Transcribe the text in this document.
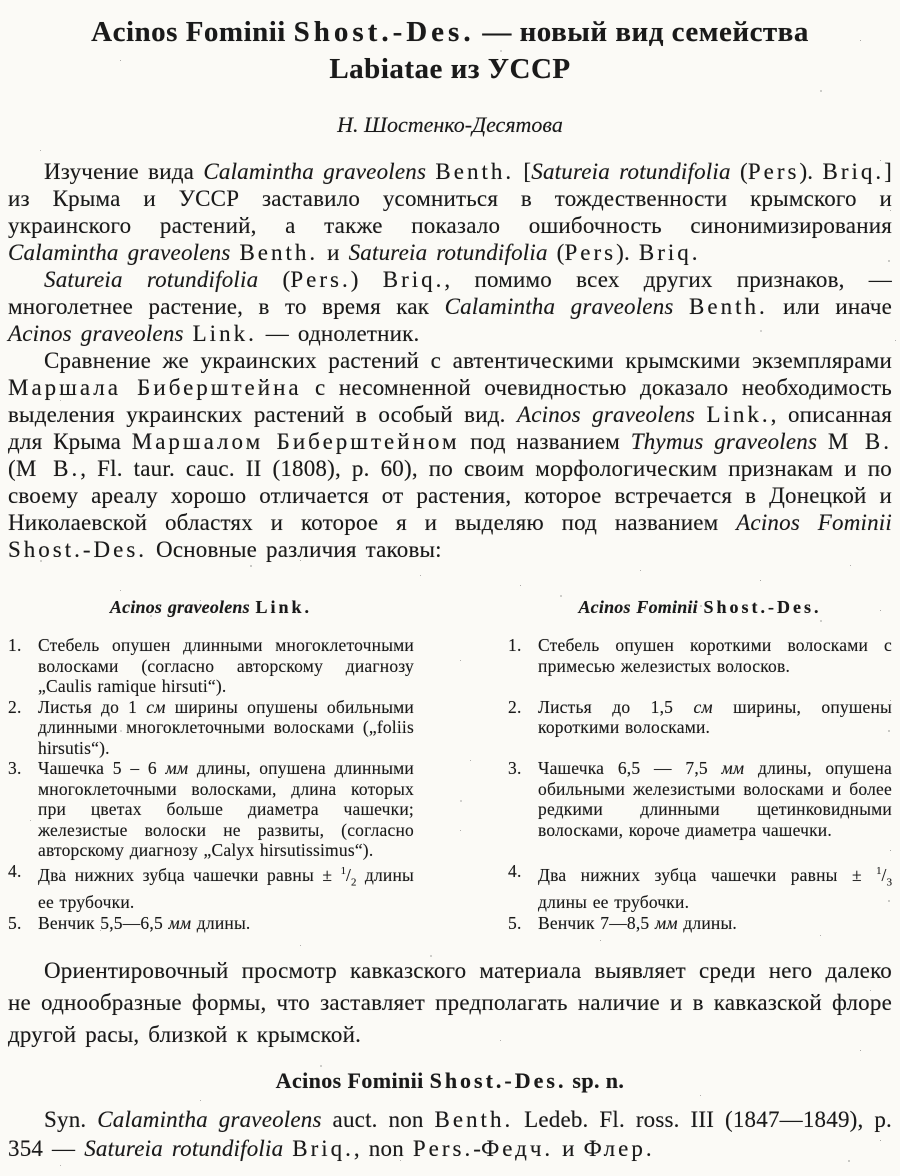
Acinos Fominii Shost.-Des. — новый вид семейства
Labiatae из УССР
Н. Шостенко-Десятова

Изучение вида Calamintha graveolens Benth. [Satureia rotundifolia (Pers). Briq.] из Крыма и УССР заставило усомниться в тождественности крымского и украинского растений, а также показало ошибочность синонимизирования Calamintha graveolens Benth. и Satureia rotundifolia (Pers). Briq.

Satureia rotundifolia (Pers.) Briq., помимо всех других признаков, — многолетнее растение, в то время как Calamintha graveolens Benth. или иначе Acinos graveolens Link. — однолетник.

Сравнение же украинских растений с автентическими крымскими экземплярами Маршала Биберштейна с несомненной очевидностью доказало необходимость выделения украинских растений в особый вид. Acinos graveolens Link., описанная для Крыма Маршалом Биберштейном под названием Thymus graveolens M B. (M B., Fl. taur. cauc. II (1808), p. 60), по своим морфологическим признакам и по своему ареалу хорошо отличается от растения, которое встречается в Донецкой и Николаевской областях и которое я и выделяю под названием Acinos Fominii Shost.-Des. Основные различия таковы:

Acinos graveolens Link.	Acinos Fominii Shost.-Des.
1. Стебель опушен длинными многоклеточными волосками (согласно авторскому диагнозу „Caulis ramique hirsuti“).
1. Стебель опушен короткими волосками с примесью железистых волосков.
2. Листья до 1 см ширины опушены обильными длинными многоклеточными волосками („foliis hirsutis“).
2. Листья до 1,5 см ширины, опушены короткими волосками.
3. Чашечка 5 – 6 мм длины, опушена длинными многоклеточными волосками, длина которых при цветах больше диаметра чашечки; железистые волоски не развиты, (согласно авторскому диагнозу „Calyx hirsutissimus“).
3. Чашечка 6,5 — 7,5 мм длины, опушена обильными железистыми волосками и более редкими длинными щетинковидными волосками, короче диаметра чашечки.
4. Два нижних зубца чашечки равны ± $^1/_2$ длины ее трубочки.
4. Два нижних зубца чашечки равны ± $^1/_3$ длины ее трубочки.
5. Венчик 5,5—6,5 мм длины.	5. Венчик 7—8,5 мм длины.

Ориентировочный просмотр кавказского материала выявляет среди него далеко не однообразные формы, что заставляет предполагать наличие и в кавказской флоре другой расы, близкой к крымской.

Acinos Fominii Shost.-Des. sp. n.

Syn. Calamintha graveolens auct. non Benth. Ledeb. Fl. ross. III (1847—1849), p. 354 — Satureia rotundifolia Briq., non Pers.-Федч. и Флер.
